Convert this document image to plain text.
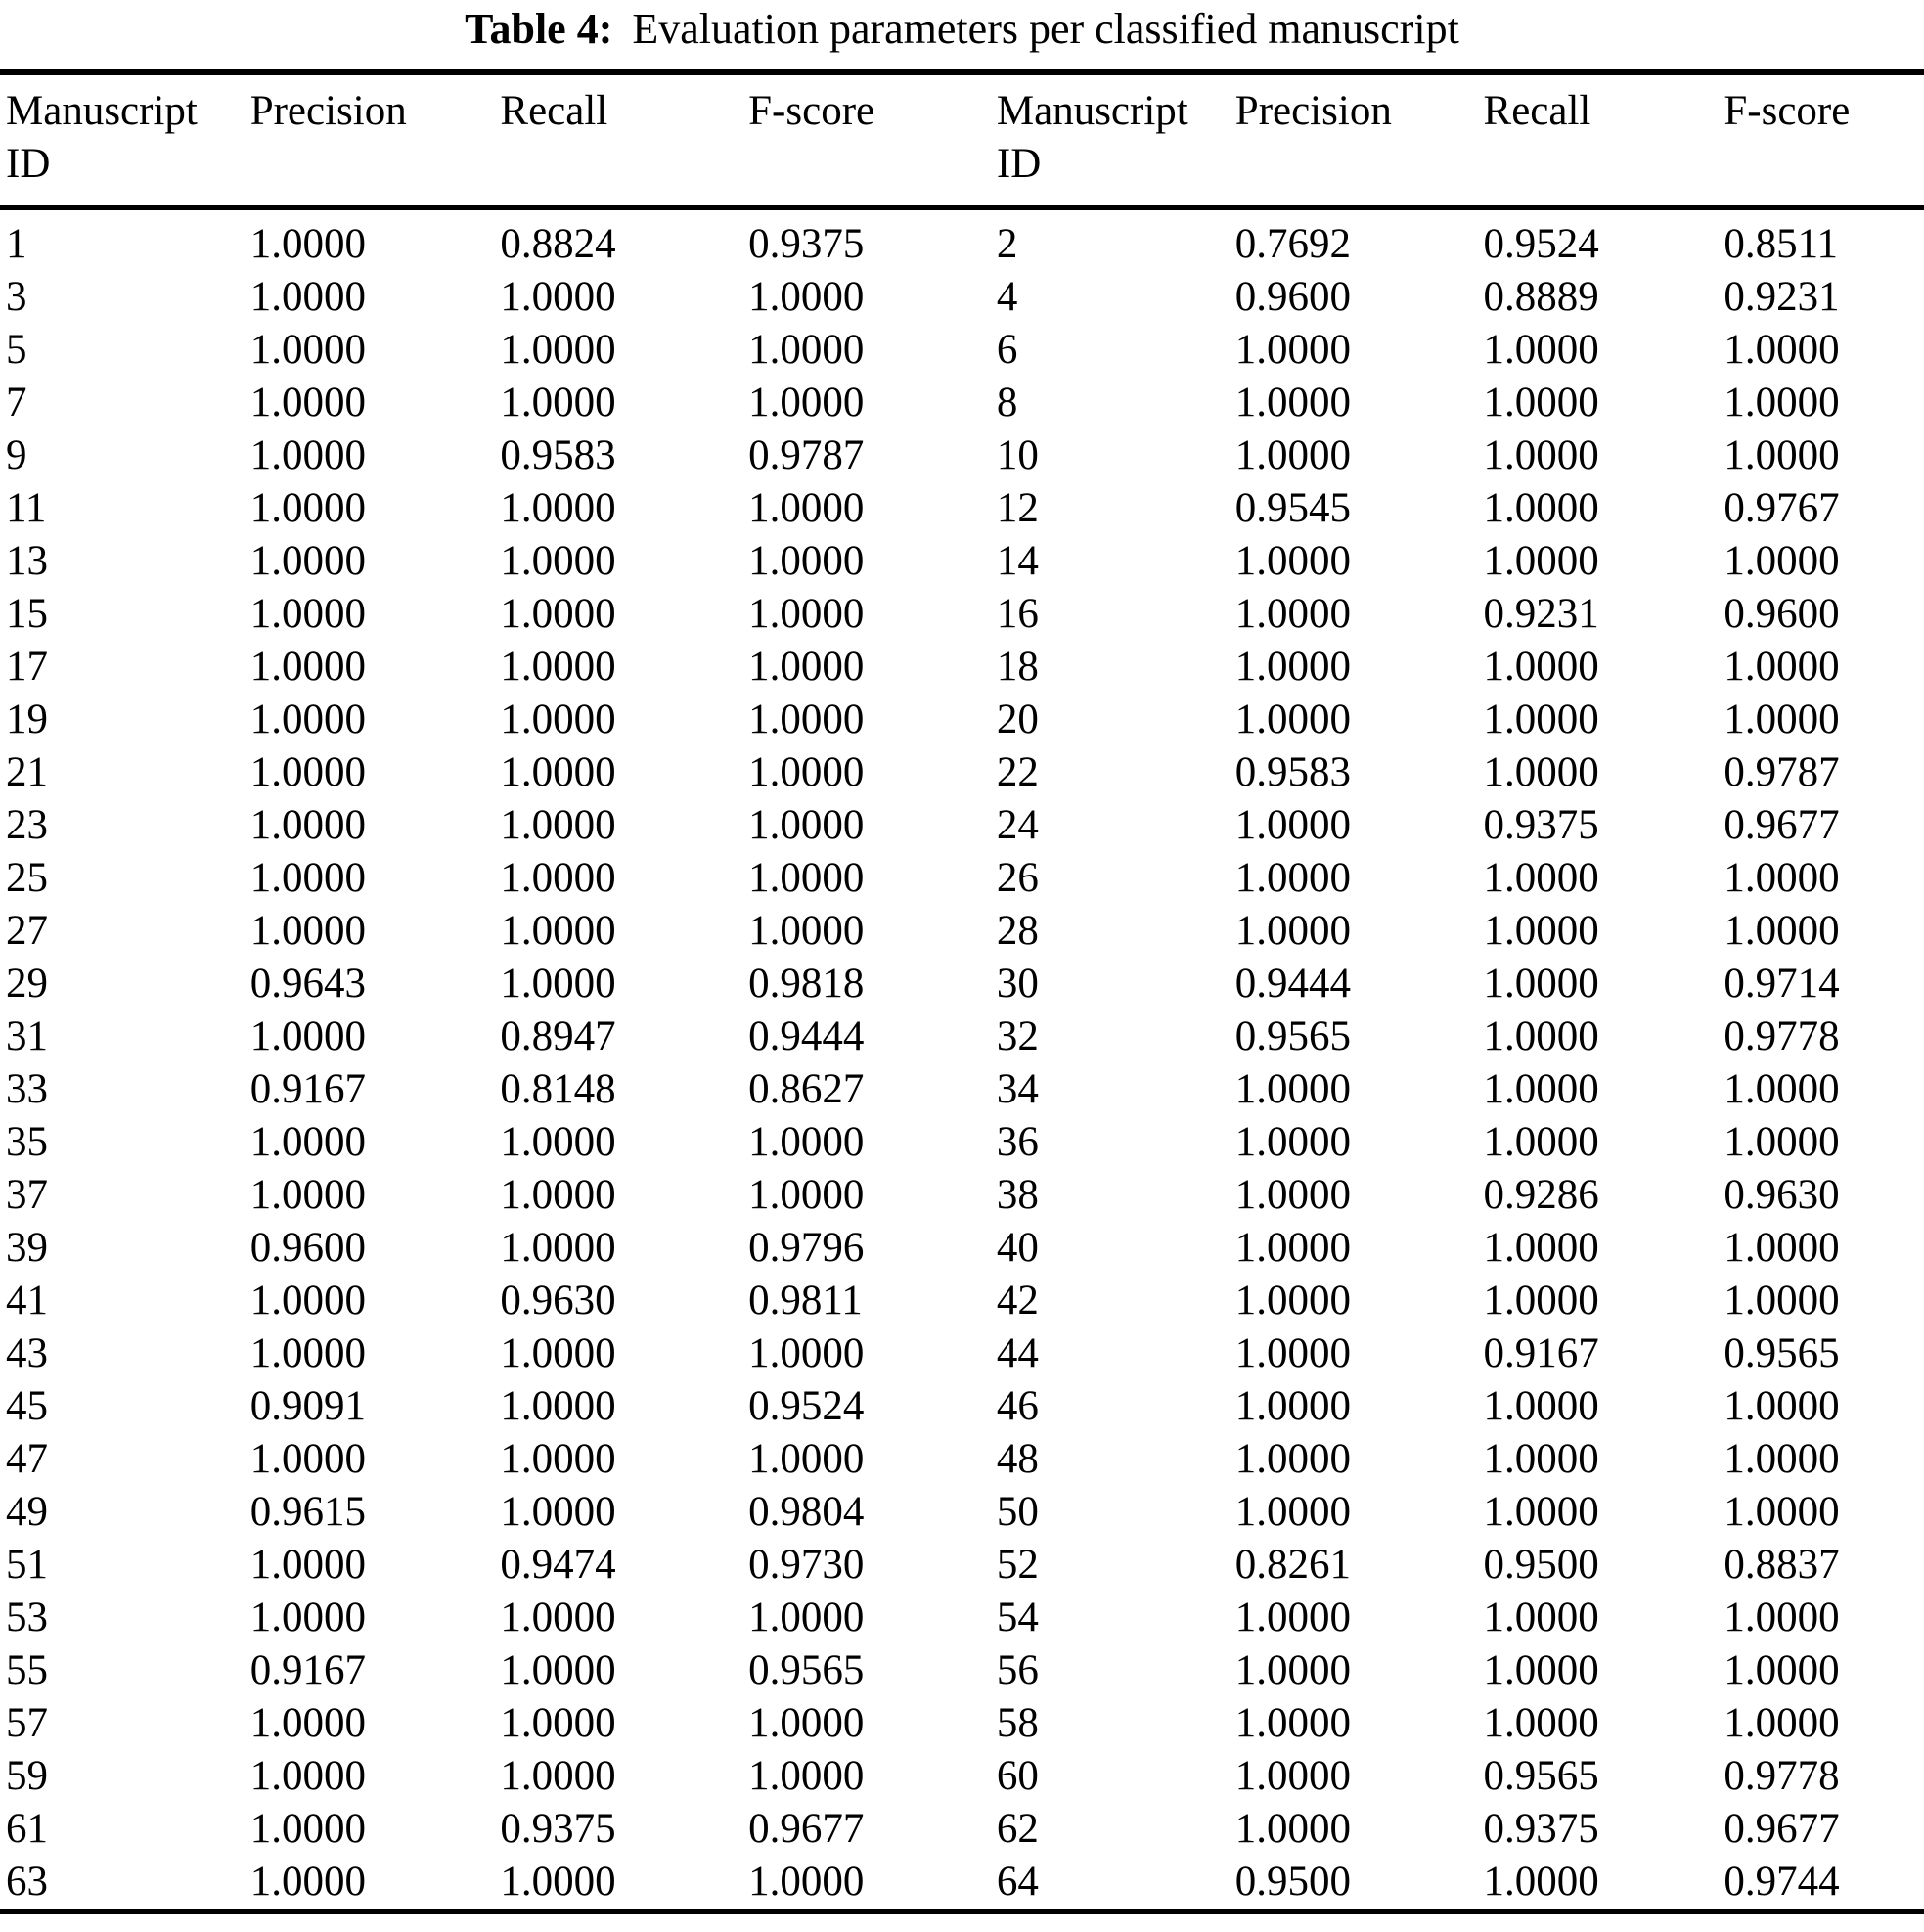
Table 4: Evaluation parameters per classified manuscript
Manuscript ID	Precision	Recall	F-score	Manuscript ID	Precision	Recall	F-score
1	1.0000	0.8824	0.9375	2	0.7692	0.9524	0.8511
3	1.0000	1.0000	1.0000	4	0.9600	0.8889	0.9231
5	1.0000	1.0000	1.0000	6	1.0000	1.0000	1.0000
7	1.0000	1.0000	1.0000	8	1.0000	1.0000	1.0000
9	1.0000	0.9583	0.9787	10	1.0000	1.0000	1.0000
11	1.0000	1.0000	1.0000	12	0.9545	1.0000	0.9767
13	1.0000	1.0000	1.0000	14	1.0000	1.0000	1.0000
15	1.0000	1.0000	1.0000	16	1.0000	0.9231	0.9600
17	1.0000	1.0000	1.0000	18	1.0000	1.0000	1.0000
19	1.0000	1.0000	1.0000	20	1.0000	1.0000	1.0000
21	1.0000	1.0000	1.0000	22	0.9583	1.0000	0.9787
23	1.0000	1.0000	1.0000	24	1.0000	0.9375	0.9677
25	1.0000	1.0000	1.0000	26	1.0000	1.0000	1.0000
27	1.0000	1.0000	1.0000	28	1.0000	1.0000	1.0000
29	0.9643	1.0000	0.9818	30	0.9444	1.0000	0.9714
31	1.0000	0.8947	0.9444	32	0.9565	1.0000	0.9778
33	0.9167	0.8148	0.8627	34	1.0000	1.0000	1.0000
35	1.0000	1.0000	1.0000	36	1.0000	1.0000	1.0000
37	1.0000	1.0000	1.0000	38	1.0000	0.9286	0.9630
39	0.9600	1.0000	0.9796	40	1.0000	1.0000	1.0000
41	1.0000	0.9630	0.9811	42	1.0000	1.0000	1.0000
43	1.0000	1.0000	1.0000	44	1.0000	0.9167	0.9565
45	0.9091	1.0000	0.9524	46	1.0000	1.0000	1.0000
47	1.0000	1.0000	1.0000	48	1.0000	1.0000	1.0000
49	0.9615	1.0000	0.9804	50	1.0000	1.0000	1.0000
51	1.0000	0.9474	0.9730	52	0.8261	0.9500	0.8837
53	1.0000	1.0000	1.0000	54	1.0000	1.0000	1.0000
55	0.9167	1.0000	0.9565	56	1.0000	1.0000	1.0000
57	1.0000	1.0000	1.0000	58	1.0000	1.0000	1.0000
59	1.0000	1.0000	1.0000	60	1.0000	0.9565	0.9778
61	1.0000	0.9375	0.9677	62	1.0000	0.9375	0.9677
63	1.0000	1.0000	1.0000	64	0.9500	1.0000	0.9744
